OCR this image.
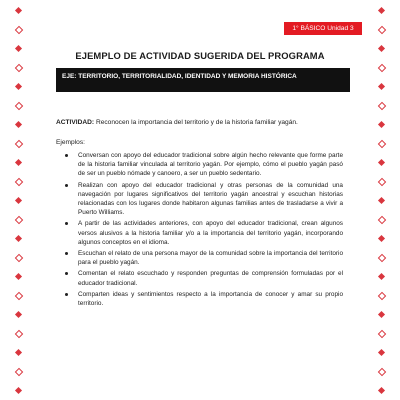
1° BÁSICO Unidad 3
EJEMPLO DE ACTIVIDAD SUGERIDA DEL PROGRAMA
EJE: TERRITORIO, TERRITORIALIDAD, IDENTIDAD Y MEMORIA HISTÓRICA
ACTIVIDAD: Reconocen la importancia del territorio y de la historia familiar yagán.
Ejemplos:
Conversan con apoyo del educador tradicional sobre algún hecho relevante que forme parte de la historia familiar vinculada al territorio yagán. Por ejemplo, cómo el pueblo yagán pasó de ser un pueblo nómade y canoero, a ser un pueblo sedentario.
Realizan con apoyo del educador tradicional y otras personas de la comunidad una navegación por lugares significativos del territorio yagán ancestral y escuchan historias relacionadas con los lugares donde habitaron algunas familias antes de trasladarse a vivir a Puerto Williams.
A partir de las actividades anteriores, con apoyo del educador tradicional, crean algunos versos alusivos a la historia familiar y/o a la importancia del territorio yagán, incorporando algunos conceptos en el idioma.
Escuchan el relato de una persona mayor de la comunidad sobre la importancia del territorio para el pueblo yagán.
Comentan el relato escuchado y responden preguntas de comprensión formuladas por el educador tradicional.
Comparten ideas y sentimientos respecto a la importancia de conocer y amar su propio territorio.
